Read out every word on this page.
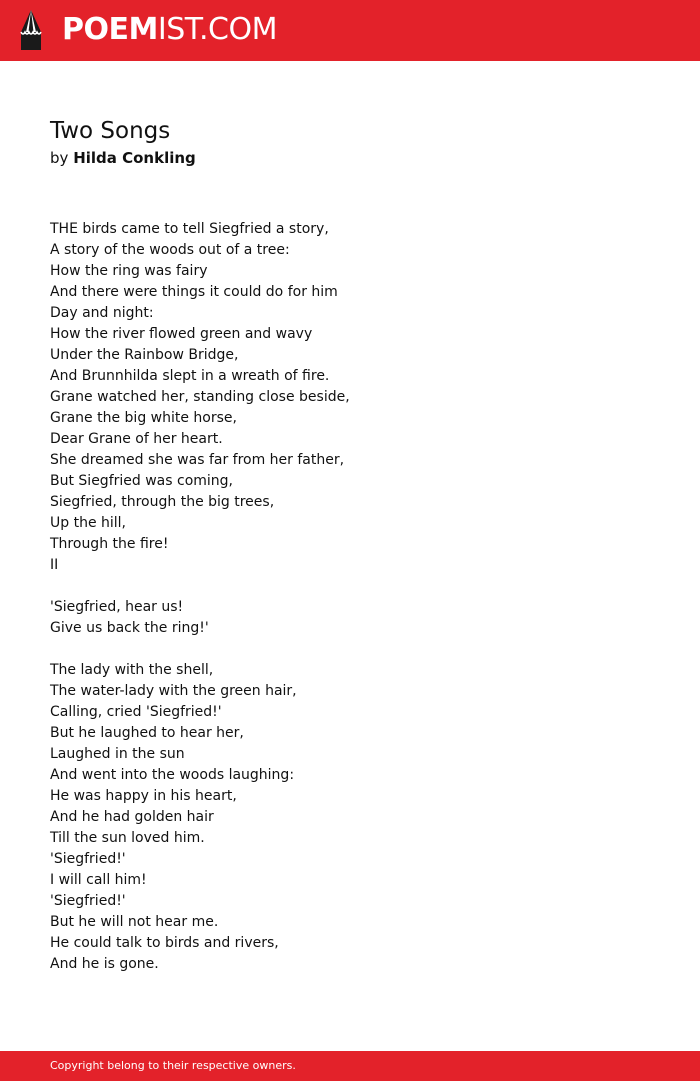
POEMIST.COM
Two Songs
by Hilda Conkling
THE birds came to tell Siegfried a story,
A story of the woods out of a tree:
How the ring was fairy
And there were things it could do for him
Day and night:
How the river flowed green and wavy
Under the Rainbow Bridge,
And Brunnhilda slept in a wreath of fire.
Grane watched her, standing close beside,
Grane the big white horse,
Dear Grane of her heart.
She dreamed she was far from her father,
But Siegfried was coming,
Siegfried, through the big trees,
Up the hill,
Through the fire!
II
'Siegfried, hear us!
Give us back the ring!'
The lady with the shell,
The water-lady with the green hair,
Calling, cried 'Siegfried!'
But he laughed to hear her,
Laughed in the sun
And went into the woods laughing:
He was happy in his heart,
And he had golden hair
Till the sun loved him.
'Siegfried!'
I will call him!
'Siegfried!'
But he will not hear me.
He could talk to birds and rivers,
And he is gone.
Copyright belong to their respective owners.
